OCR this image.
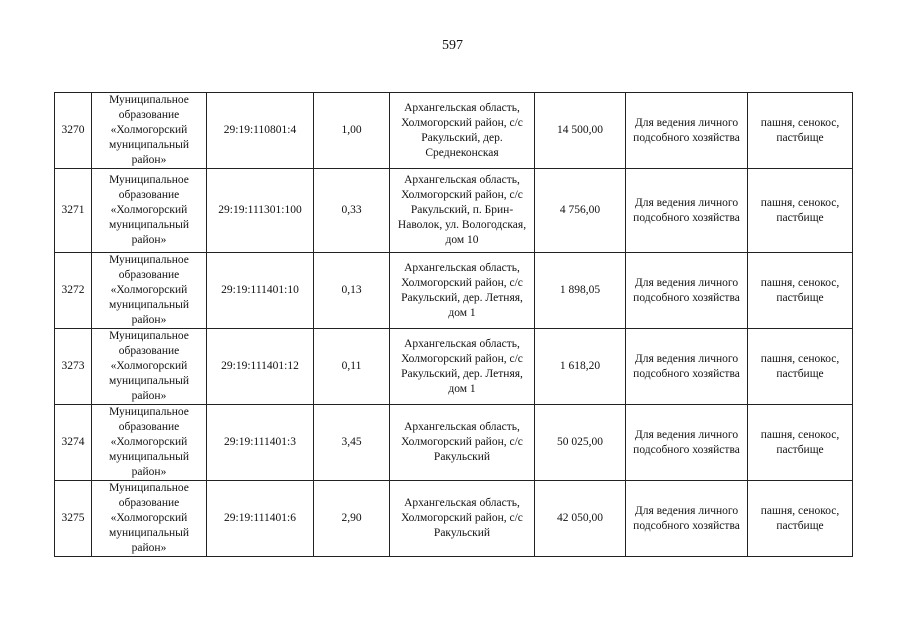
597
3270	Муниципальное образование «Холмогорский муниципальный район»	29:19:110801:4	1,00	Архангельская область, Холмогорский район, с/с Ракульский, дер. Среднеконская	14 500,00	Для ведения личного подсобного хозяйства	пашня, сенокос, пастбище
3271	Муниципальное образование «Холмогорский муниципальный район»	29:19:111301:100	0,33	Архангельская область, Холмогорский район, с/с Ракульский, п. Брин-Наволок, ул. Вологодская, дом 10	4 756,00	Для ведения личного подсобного хозяйства	пашня, сенокос, пастбище
3272	Муниципальное образование «Холмогорский муниципальный район»	29:19:111401:10	0,13	Архангельская область, Холмогорский район, с/с Ракульский, дер. Летняя, дом 1	1 898,05	Для ведения личного подсобного хозяйства	пашня, сенокос, пастбище
3273	Муниципальное образование «Холмогорский муниципальный район»	29:19:111401:12	0,11	Архангельская область, Холмогорский район, с/с Ракульский, дер. Летняя, дом 1	1 618,20	Для ведения личного подсобного хозяйства	пашня, сенокос, пастбище
3274	Муниципальное образование «Холмогорский муниципальный район»	29:19:111401:3	3,45	Архангельская область, Холмогорский район, с/с Ракульский	50 025,00	Для ведения личного подсобного хозяйства	пашня, сенокос, пастбище
3275	Муниципальное образование «Холмогорский муниципальный район»	29:19:111401:6	2,90	Архангельская область, Холмогорский район, с/с Ракульский	42 050,00	Для ведения личного подсобного хозяйства	пашня, сенокос, пастбище
